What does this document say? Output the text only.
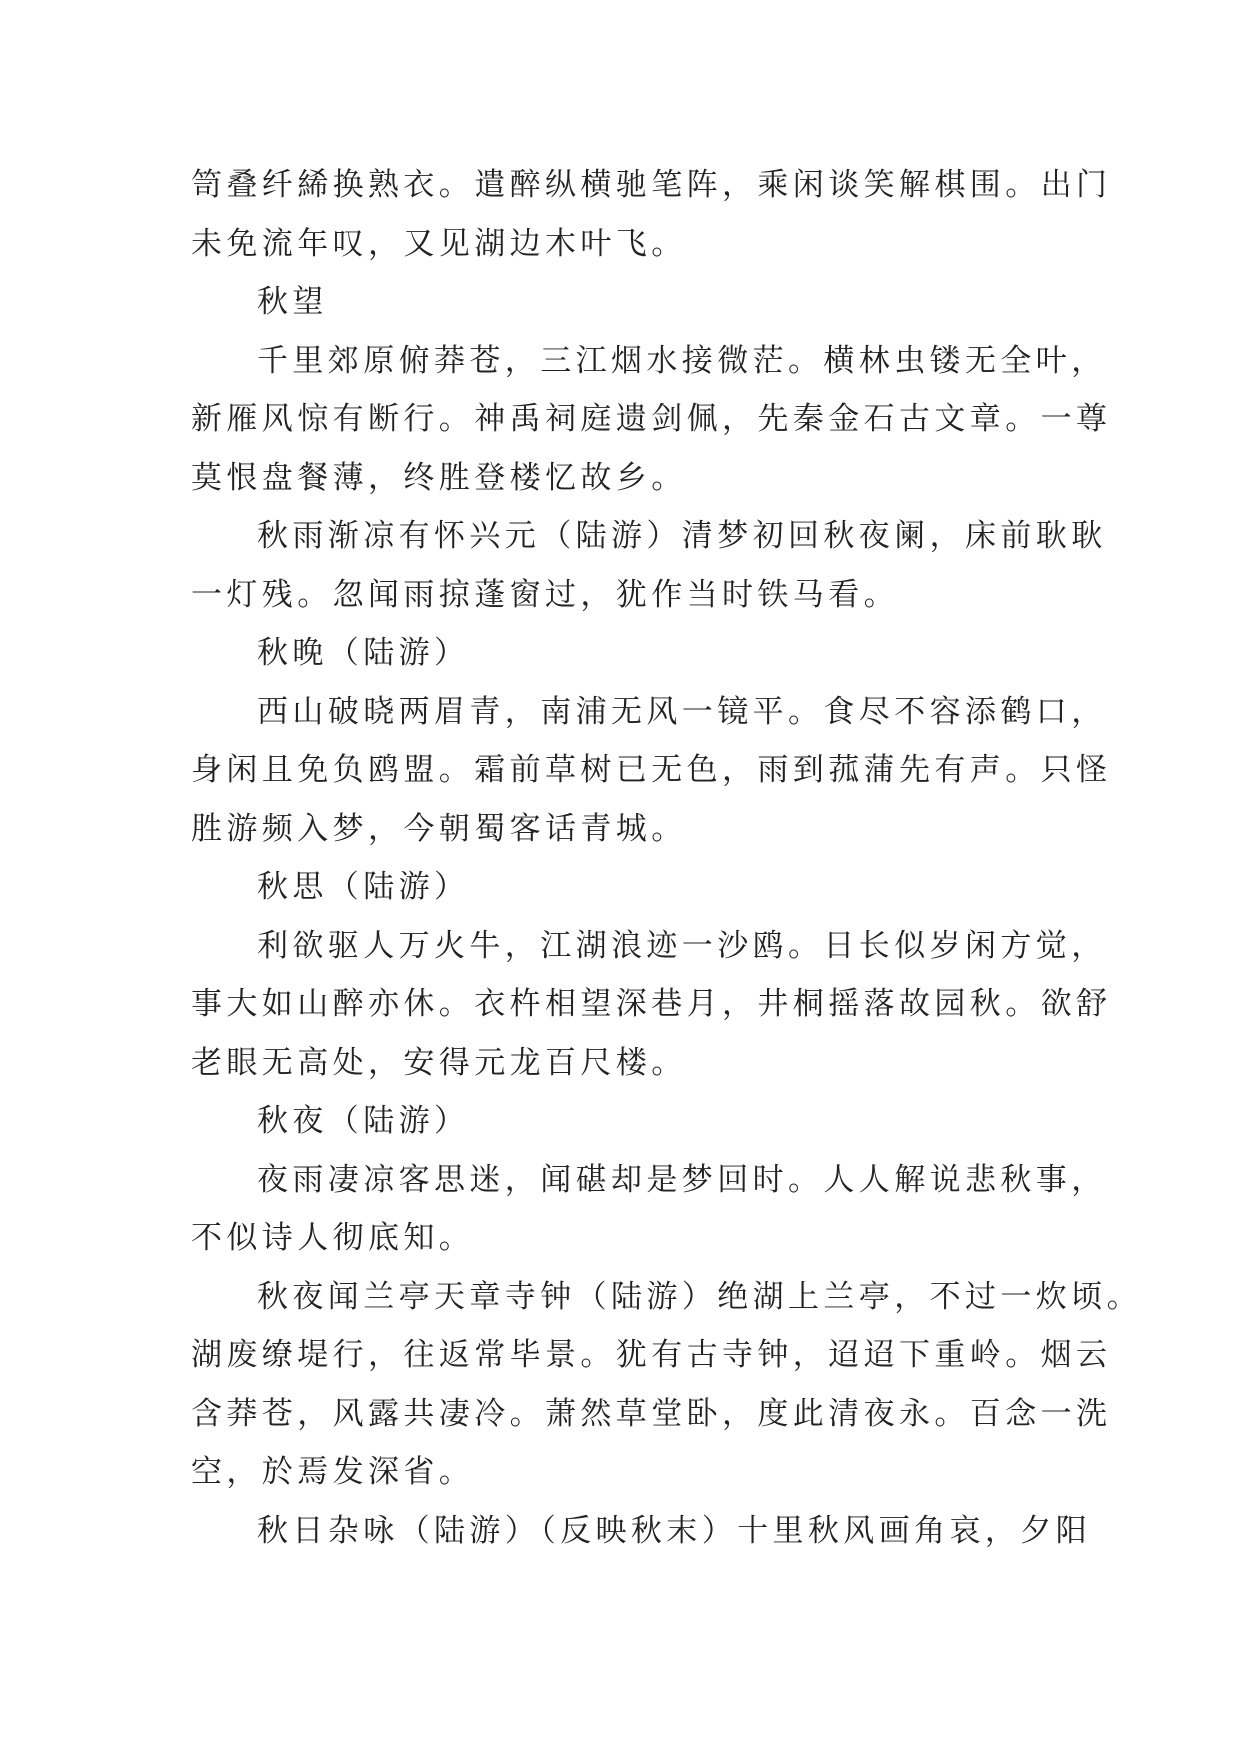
笥叠纤絺换熟衣。遣醉纵横驰笔阵，乘闲谈笑解棋围。出门

未免流年叹，又见湖边木叶飞。

秋望

千里郊原俯莽苍，三江烟水接微茫。横林虫镂无全叶，

新雁风惊有断行。神禹祠庭遗剑佩，先秦金石古文章。一尊

莫恨盘餐薄，终胜登楼忆故乡。

秋雨渐凉有怀兴元（陆游）清梦初回秋夜阑，床前耿耿

一灯残。忽闻雨掠蓬窗过，犹作当时铁马看。

秋晚（陆游）

西山破晓两眉青，南浦无风一镜平。食尽不容添鹤口，

身闲且免负鸥盟。霜前草树已无色，雨到菰蒲先有声。只怪

胜游频入梦，今朝蜀客话青城。

秋思（陆游）

利欲驱人万火牛，江湖浪迹一沙鸥。日长似岁闲方觉，

事大如山醉亦休。衣杵相望深巷月，井桐摇落故园秋。欲舒

老眼无高处，安得元龙百尺楼。

秋夜（陆游）

夜雨凄凉客思迷，闻碪却是梦回时。人人解说悲秋事，

不似诗人彻底知。

秋夜闻兰亭天章寺钟（陆游）绝湖上兰亭，不过一炊顷。

湖废缭堤行，往返常毕景。犹有古寺钟，迢迢下重岭。烟云

含莽苍，风露共凄冷。萧然草堂卧，度此清夜永。百念一洗

空，於焉发深省。

秋日杂咏（陆游）（反映秋末）十里秋风画角哀，夕阳
